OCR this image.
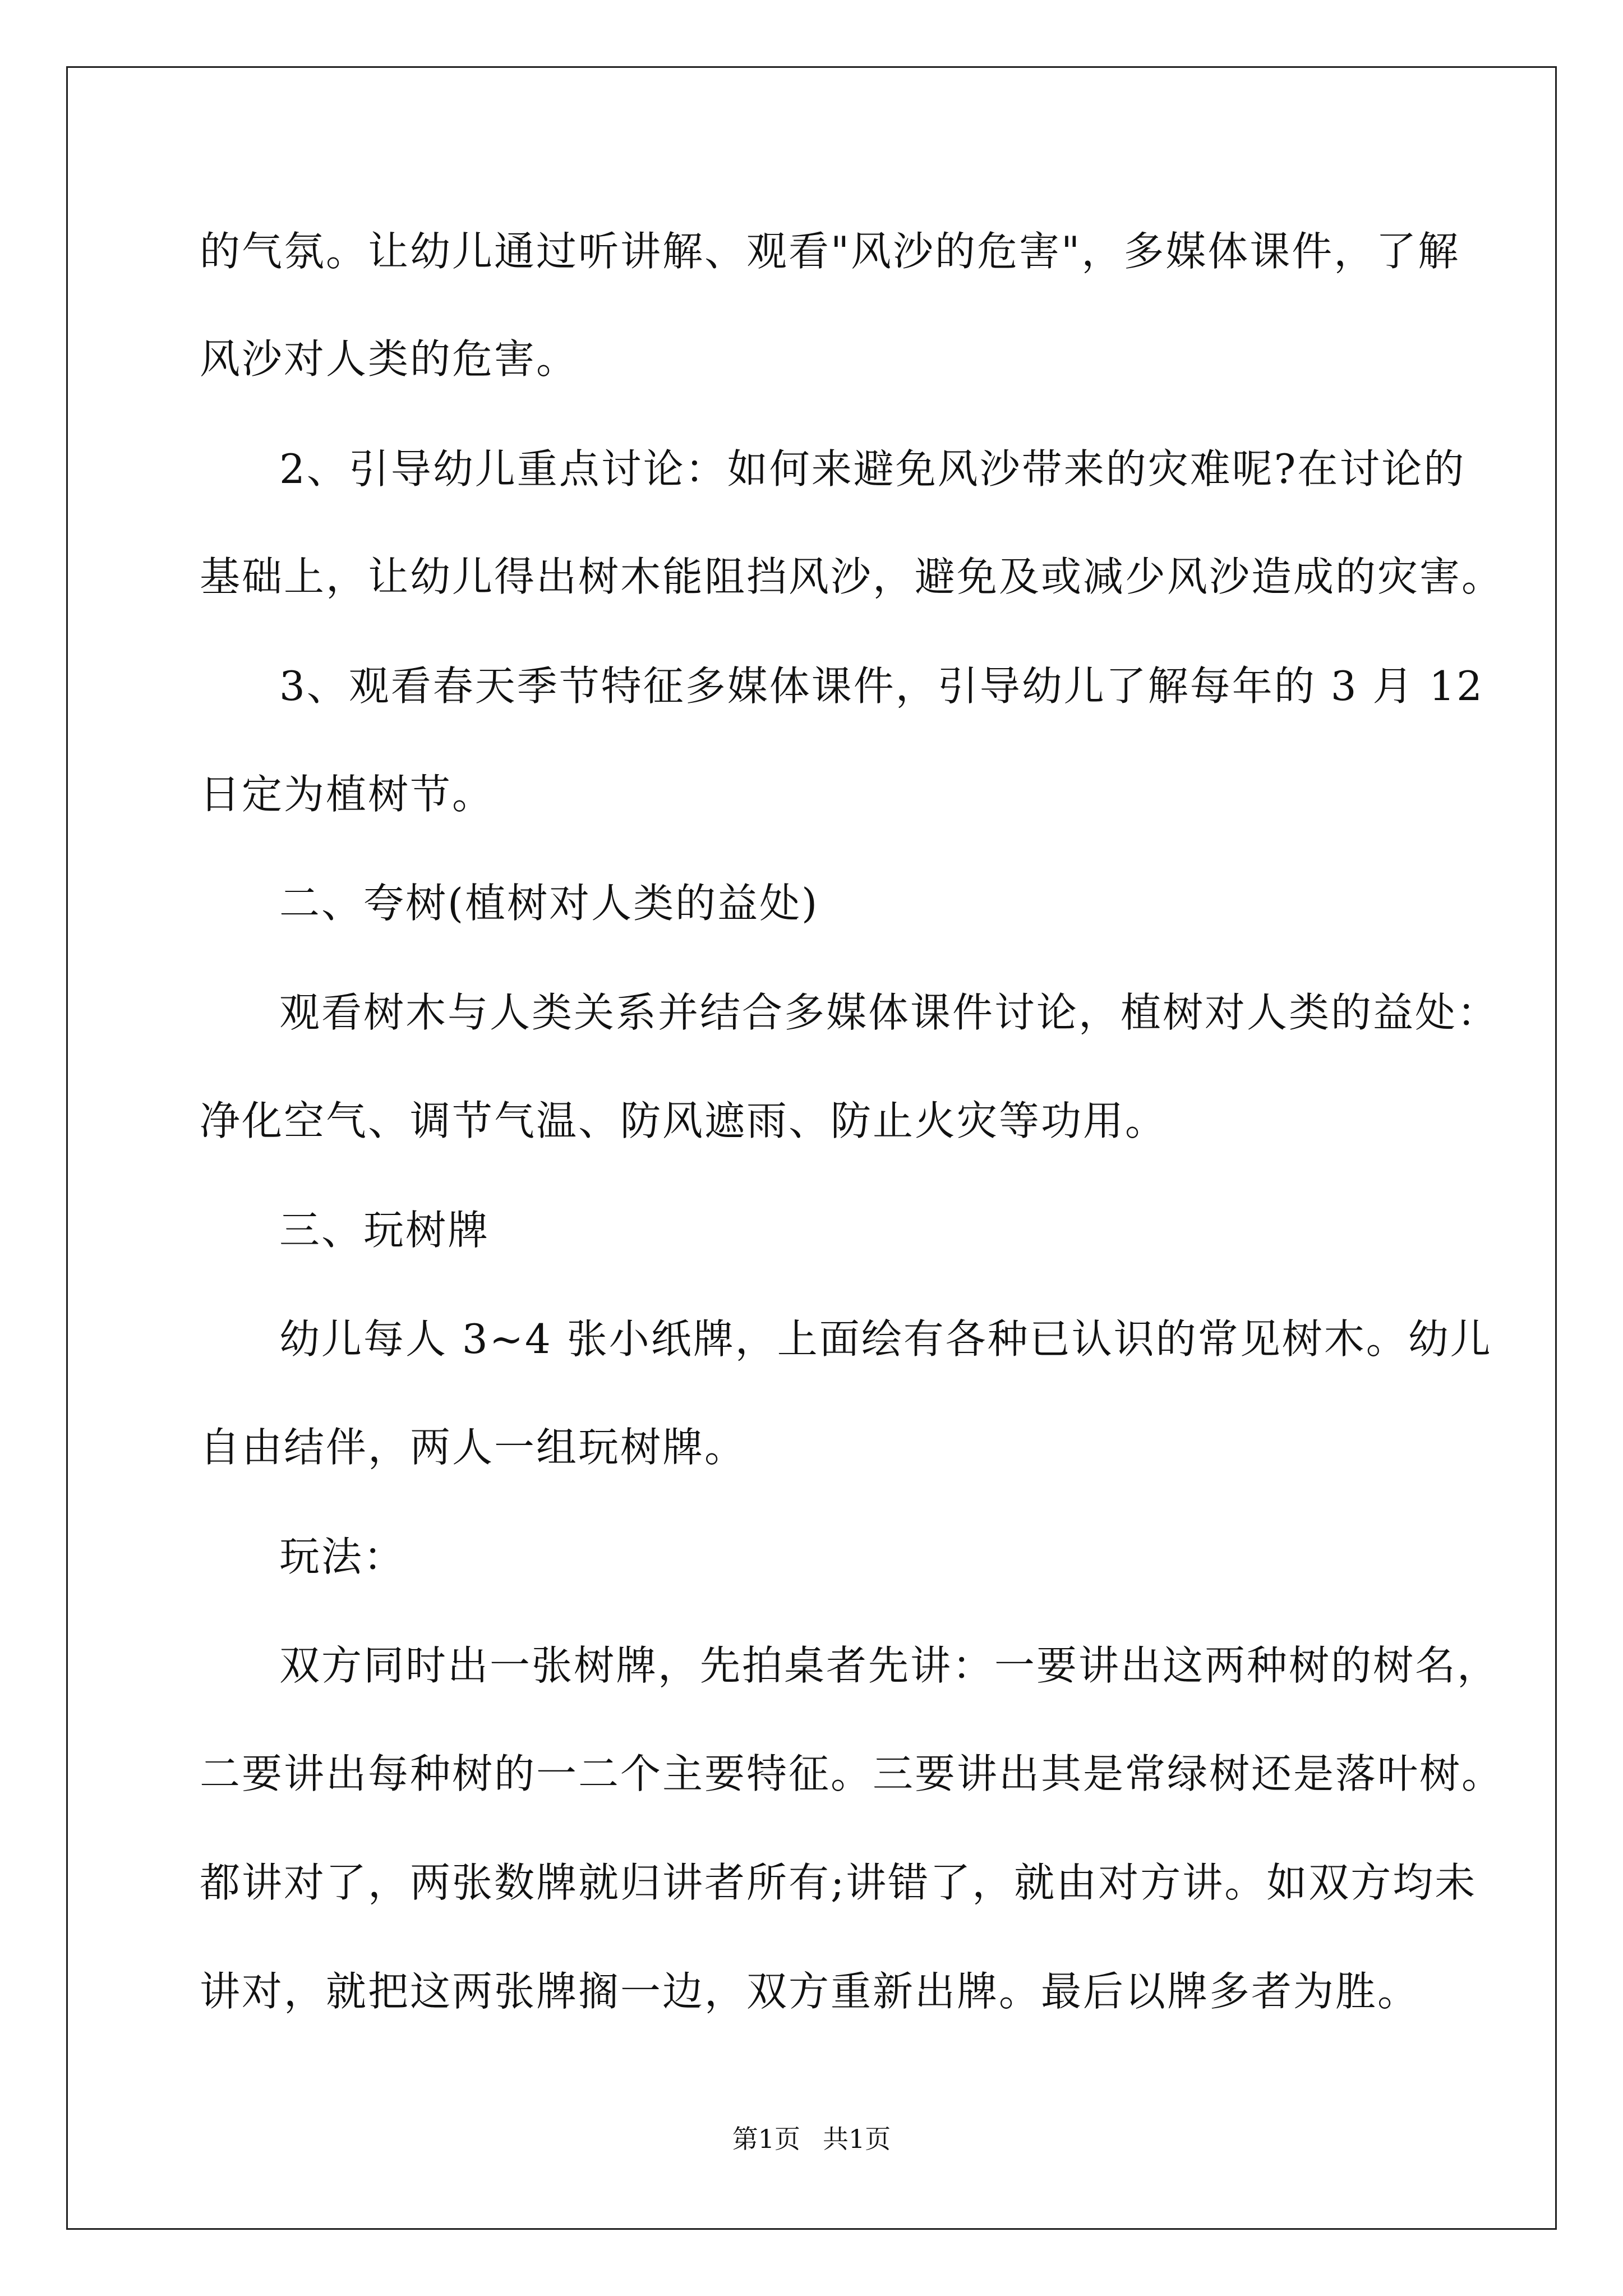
的气氛。让幼儿通过听讲解、观看"风沙的危害"，多媒体课件，了解

风沙对人类的危害。

2、引导幼儿重点讨论：如何来避免风沙带来的灾难呢?在讨论的

基础上，让幼儿得出树木能阻挡风沙，避免及或减少风沙造成的灾害。

3、观看春天季节特征多媒体课件，引导幼儿了解每年的 3 月 12

日定为植树节。

二、夸树(植树对人类的益处)

观看树木与人类关系并结合多媒体课件讨论，植树对人类的益处：

净化空气、调节气温、防风遮雨、防止火灾等功用。

三、玩树牌

幼儿每人 3~4 张小纸牌，上面绘有各种已认识的常见树木。幼儿

自由结伴，两人一组玩树牌。

玩法：

双方同时出一张树牌，先拍桌者先讲：一要讲出这两种树的树名，

二要讲出每种树的一二个主要特征。三要讲出其是常绿树还是落叶树。

都讲对了，两张数牌就归讲者所有;讲错了，就由对方讲。如双方均未

讲对，就把这两张牌搁一边，双方重新出牌。最后以牌多者为胜。

第1页 共1页
